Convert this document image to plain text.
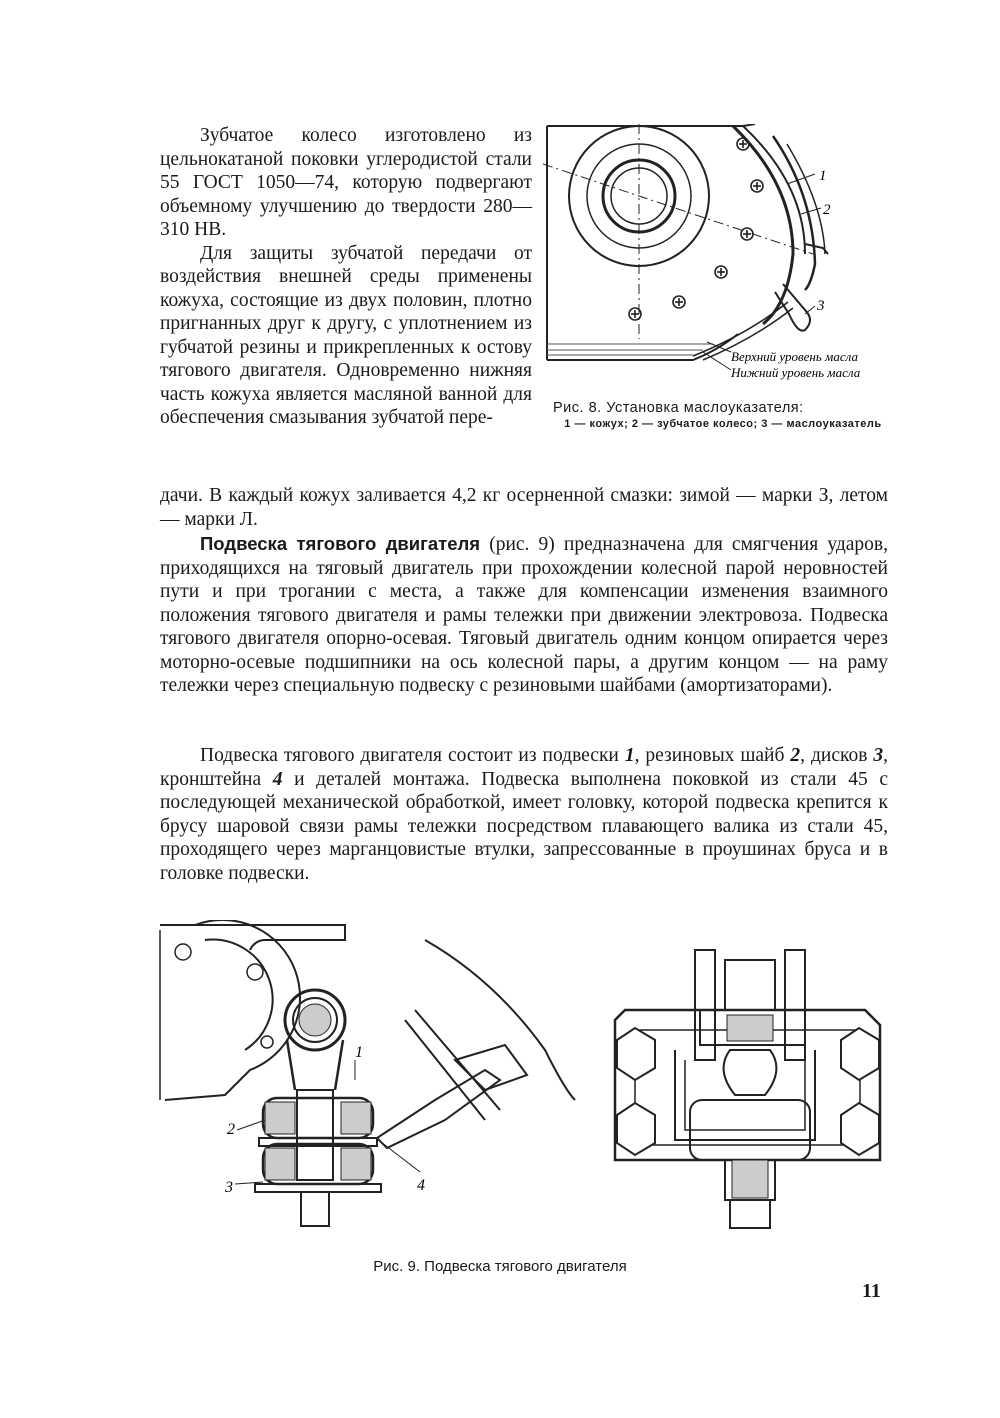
Зубчатое колесо изготовлено из цельнокатаной поковки углеродистой стали 55 ГОСТ 1050—74, которую подвергают объемному улучшению до твердости 280—310 НВ.

Для защиты зубчатой передачи от воздействия внешней среды применены кожуха, состоящие из двух половин, плотно пригнанных друг к другу, с уплотнением из губчатой резины и прикрепленных к остову тягового двигателя. Одновременно нижняя часть кожуха является масляной ванной для обеспечения смазывания зубчатой пере-

1
2
3
Верхний уровень масла
Нижний уровень масла
Рис. 8. Установка маслоуказателя:
1 — кожух; 2 — зубчатое колесо; 3 — маслоуказатель

дачи. В каждый кожух заливается 4,2 кг осерненной смазки: зимой — марки З, летом — марки Л.

Подвеска тягового двигателя (рис. 9) предназначена для смягчения ударов, приходящихся на тяговый двигатель при прохождении колесной парой неровностей пути и при трогании с места, а также для компенсации изменения взаимного положения тягового двигателя и рамы тележки при движении электровоза. Подвеска тягового двигателя опорно-осевая. Тяговый двигатель одним концом опирается через моторно-осевые подшипники на ось колесной пары, а другим концом — на раму тележки через специальную подвеску с резиновыми шайбами (амортизаторами).

Подвеска тягового двигателя состоит из подвески 1, резиновых шайб 2, дисков 3, кронштейна 4 и деталей монтажа. Подвеска выполнена поковкой из стали 45 с последующей механической обработкой, имеет головку, которой подвеска крепится к брусу шаровой связи рамы тележки посредством плавающего валика из стали 45, проходящего через марганцовистые втулки, запрессованные в проушинах бруса и в головке подвески.

1
2
3	4
Рис. 9. Подвеска тягового двигателя
11
